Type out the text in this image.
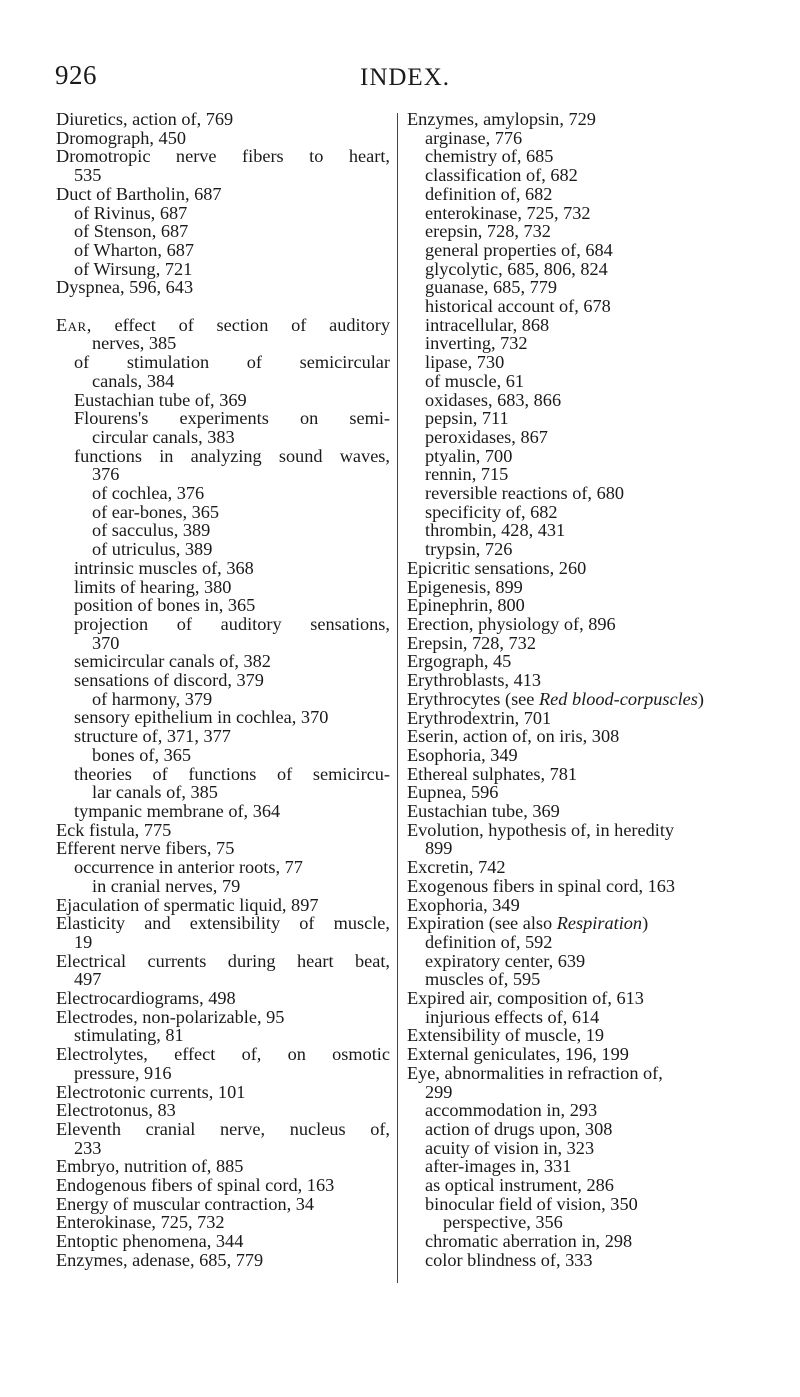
926	INDEX.
Diuretics, action of, 769
Dromograph, 450
Dromotropic nerve fibers to heart,
535
Duct of Bartholin, 687
of Rivinus, 687
of Stenson, 687
of Wharton, 687
of Wirsung, 721
Dyspnea, 596, 643
Ear, effect of section of auditory
nerves, 385
of stimulation of semicircular
canals, 384
Eustachian tube of, 369
Flourens's experiments on semi-
circular canals, 383
functions in analyzing sound waves,
376
of cochlea, 376
of ear-bones, 365
of sacculus, 389
of utriculus, 389
intrinsic muscles of, 368
limits of hearing, 380
position of bones in, 365
projection of auditory sensations,
370
semicircular canals of, 382
sensations of discord, 379
of harmony, 379
sensory epithelium in cochlea, 370
structure of, 371, 377
bones of, 365
theories of functions of semicircu-
lar canals of, 385
tympanic membrane of, 364
Eck fistula, 775
Efferent nerve fibers, 75
occurrence in anterior roots, 77
in cranial nerves, 79
Ejaculation of spermatic liquid, 897
Elasticity and extensibility of muscle,
19
Electrical currents during heart beat,
497
Electrocardiograms, 498
Electrodes, non-polarizable, 95
stimulating, 81
Electrolytes, effect of, on osmotic
pressure, 916
Electrotonic currents, 101
Electrotonus, 83
Eleventh cranial nerve, nucleus of,
233
Embryo, nutrition of, 885
Endogenous fibers of spinal cord, 163
Energy of muscular contraction, 34
Enterokinase, 725, 732
Entoptic phenomena, 344
Enzymes, adenase, 685, 779
Enzymes, amylopsin, 729
arginase, 776
chemistry of, 685
classification of, 682
definition of, 682
enterokinase, 725, 732
erepsin, 728, 732
general properties of, 684
glycolytic, 685, 806, 824
guanase, 685, 779
historical account of, 678
intracellular, 868
inverting, 732
lipase, 730
of muscle, 61
oxidases, 683, 866
pepsin, 711
peroxidases, 867
ptyalin, 700
rennin, 715
reversible reactions of, 680
specificity of, 682
thrombin, 428, 431
trypsin, 726
Epicritic sensations, 260
Epigenesis, 899
Epinephrin, 800
Erection, physiology of, 896
Erepsin, 728, 732
Ergograph, 45
Erythroblasts, 413
Erythrocytes (see Red blood-corpuscles)
Erythrodextrin, 701
Eserin, action of, on iris, 308
Esophoria, 349
Ethereal sulphates, 781
Eupnea, 596
Eustachian tube, 369
Evolution, hypothesis of, in heredity
899
Excretin, 742
Exogenous fibers in spinal cord, 163
Exophoria, 349
Expiration (see also Respiration)
definition of, 592
expiratory center, 639
muscles of, 595
Expired air, composition of, 613
injurious effects of, 614
Extensibility of muscle, 19
External geniculates, 196, 199
Eye, abnormalities in refraction of,
299
accommodation in, 293
action of drugs upon, 308
acuity of vision in, 323
after-images in, 331
as optical instrument, 286
binocular field of vision, 350
perspective, 356
chromatic aberration in, 298
color blindness of, 333
